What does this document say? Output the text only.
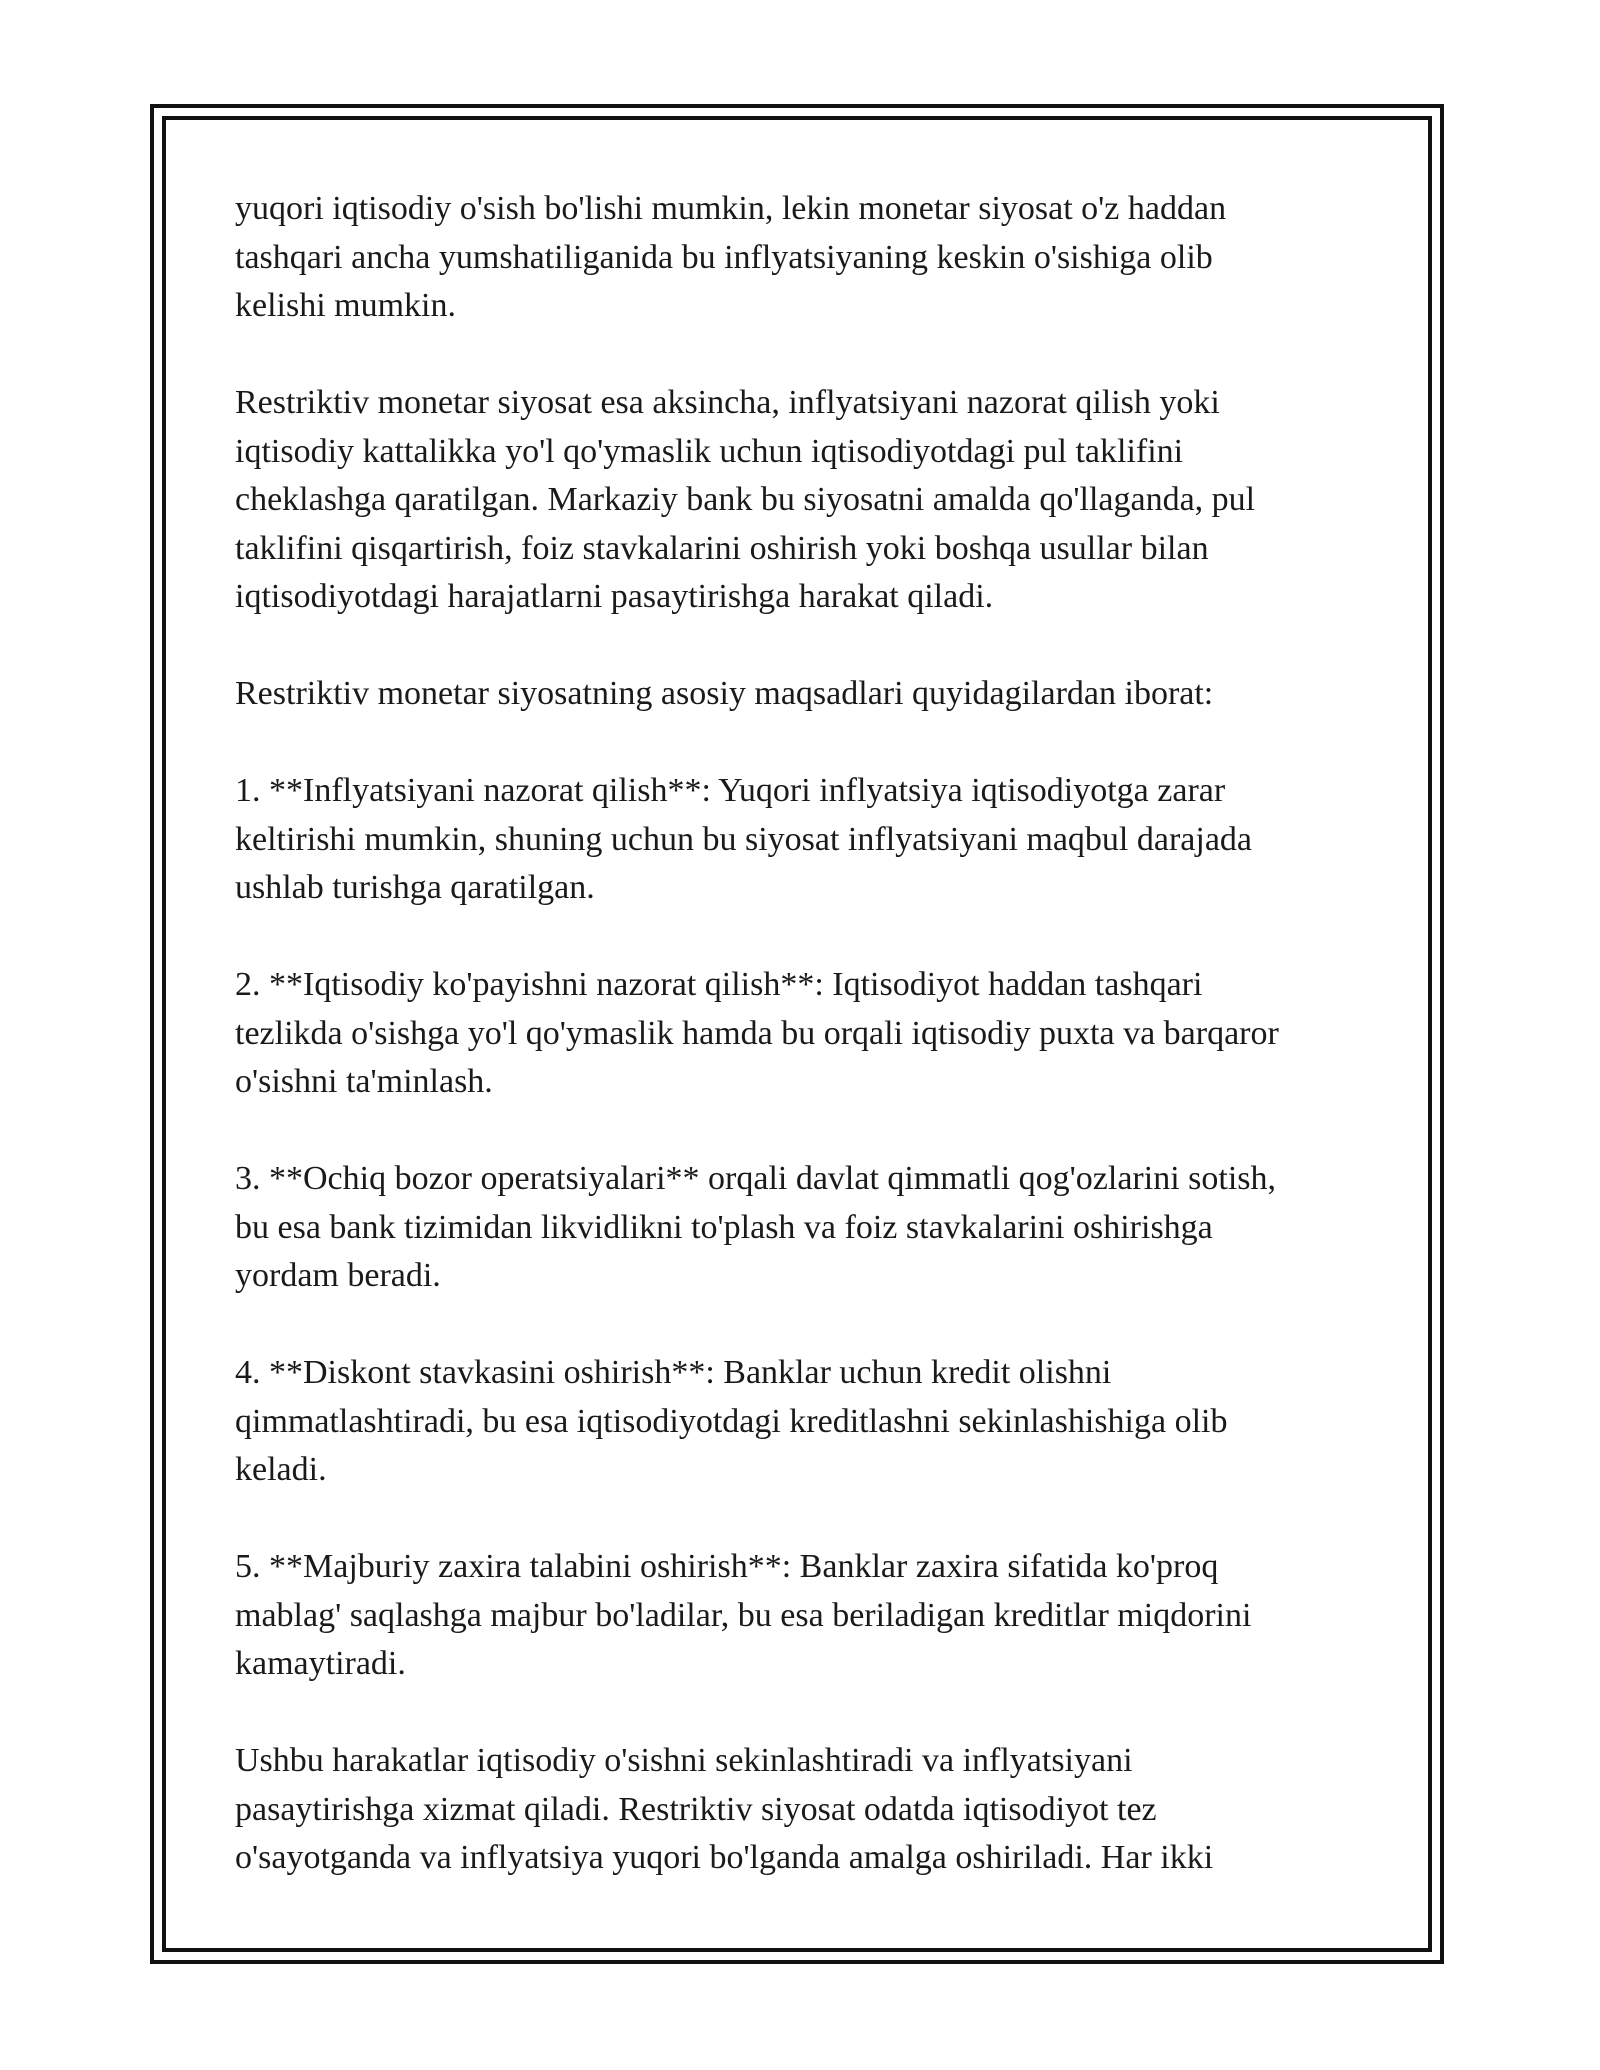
yuqori iqtisodiy o'sish bo'lishi mumkin, lekin monetar siyosat o'z haddan
tashqari ancha yumshatiliganida bu inflyatsiyaning keskin o'sishiga olib
kelishi mumkin.

Restriktiv monetar siyosat esa aksincha, inflyatsiyani nazorat qilish yoki
iqtisodiy kattalikka yo'l qo'ymaslik uchun iqtisodiyotdagi pul taklifini
cheklashga qaratilgan. Markaziy bank bu siyosatni amalda qo'llaganda, pul
taklifini qisqartirish, foiz stavkalarini oshirish yoki boshqa usullar bilan
iqtisodiyotdagi harajatlarni pasaytirishga harakat qiladi.

Restriktiv monetar siyosatning asosiy maqsadlari quyidagilardan iborat:

1. **Inflyatsiyani nazorat qilish**: Yuqori inflyatsiya iqtisodiyotga zarar
keltirishi mumkin, shuning uchun bu siyosat inflyatsiyani maqbul darajada
ushlab turishga qaratilgan.

2. **Iqtisodiy ko'payishni nazorat qilish**: Iqtisodiyot haddan tashqari
tezlikda o'sishga yo'l qo'ymaslik hamda bu orqali iqtisodiy puxta va barqaror
o'sishni ta'minlash.

3. **Ochiq bozor operatsiyalari** orqali davlat qimmatli qog'ozlarini sotish,
bu esa bank tizimidan likvidlikni to'plash va foiz stavkalarini oshirishga
yordam beradi.

4. **Diskont stavkasini oshirish**: Banklar uchun kredit olishni
qimmatlashtiradi, bu esa iqtisodiyotdagi kreditlashni sekinlashishiga olib
keladi.

5. **Majburiy zaxira talabini oshirish**: Banklar zaxira sifatida ko'proq
mablag' saqlashga majbur bo'ladilar, bu esa beriladigan kreditlar miqdorini
kamaytiradi.

Ushbu harakatlar iqtisodiy o'sishni sekinlashtiradi va inflyatsiyani
pasaytirishga xizmat qiladi. Restriktiv siyosat odatda iqtisodiyot tez
o'sayotganda va inflyatsiya yuqori bo'lganda amalga oshiriladi. Har ikki
